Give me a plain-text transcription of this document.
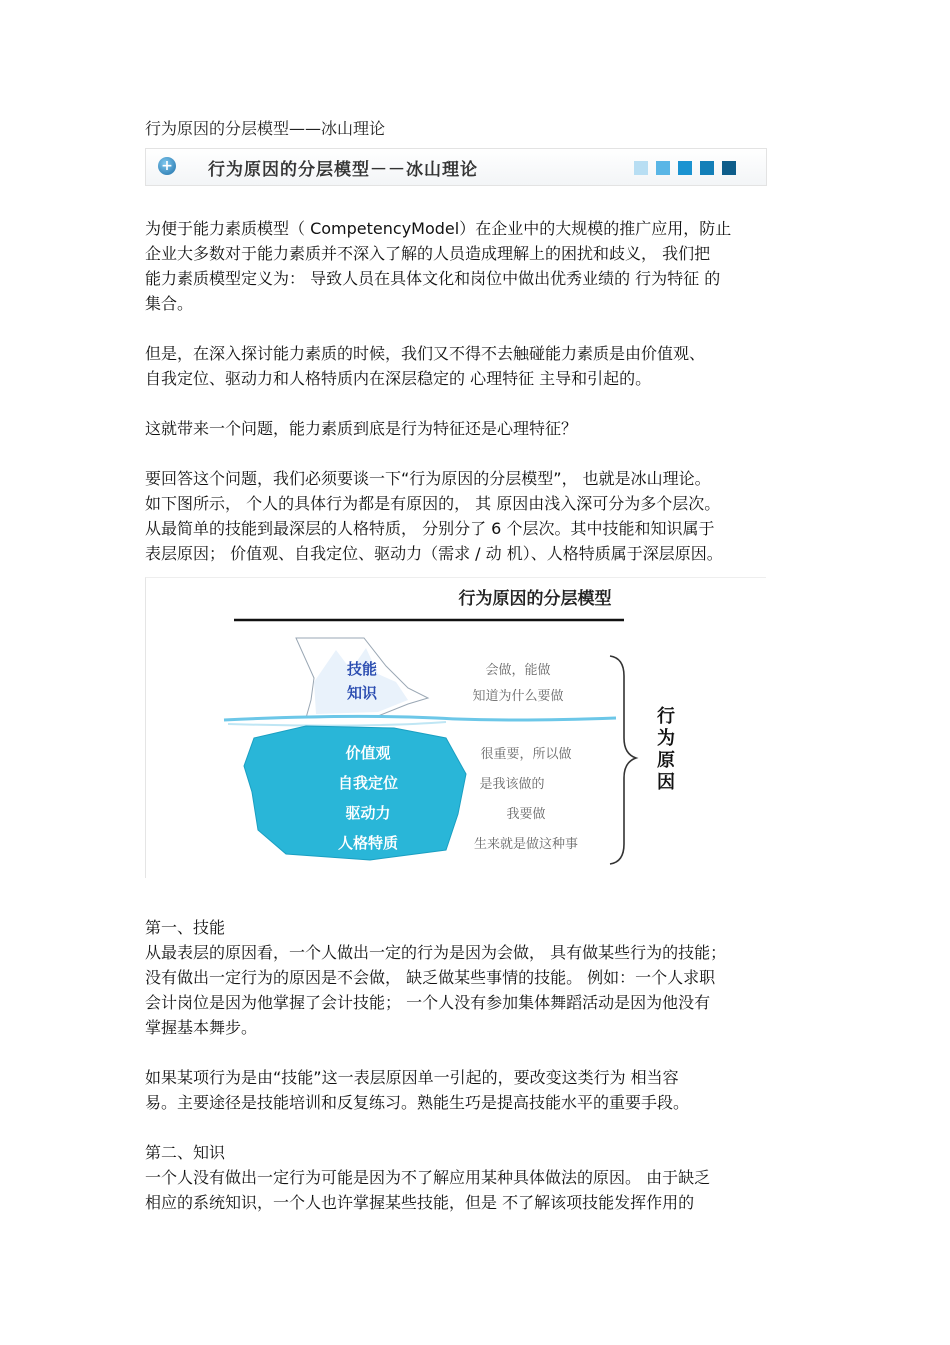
行为原因的分层模型——冰山理论
+ 行为原因的分层模型－－冰山理论

为便于能力素质模型（ CompetencyModel）在企业中的大规模的推广应用，防止

企业大多数对于能力素质并不深入了解的人员造成理解上的困扰和歧义， 我们把

能力素质模型定义为： 导致人员在具体文化和岗位中做出优秀业绩的 行为特征 的

集合。

但是，在深入探讨能力素质的时候，我们又不得不去触碰能力素质是由价值观、

自我定位、驱动力和人格特质内在深层稳定的 心理特征 主导和引起的。

这就带来一个问题，能力素质到底是行为特征还是心理特征？

要回答这个问题，我们必须要谈一下“行为原因的分层模型”， 也就是冰山理论。

如下图所示， 个人的具体行为都是有原因的， 其 原因由浅入深可分为多个层次。

从最简单的技能到最深层的人格特质， 分别分了 6 个层次。其中技能和知识属于

表层原因； 价值观、自我定位、驱动力（需求 / 动 机）、人格特质属于深层原因。

行为原因的分层模型
技能
知识
价值观
自我定位
驱动力
人格特质
会做，能做
知道为什么要做
很重要，所以做
是我该做的
我要做
生来就是做这种事
行
为
原
因

第一、技能

从最表层的原因看，一个人做出一定的行为是因为会做， 具有做某些行为的技能；

没有做出一定行为的原因是不会做， 缺乏做某些事情的技能。 例如：一个人求职

会计岗位是因为他掌握了会计技能； 一个人没有参加集体舞蹈活动是因为他没有

掌握基本舞步。

如果某项行为是由“技能”这一表层原因单一引起的，要改变这类行为 相当容

易。主要途径是技能培训和反复练习。熟能生巧是提高技能水平的重要手段。

第二、知识

一个人没有做出一定行为可能是因为不了解应用某种具体做法的原因。 由于缺乏

相应的系统知识，一个人也许掌握某些技能，但是 不了解该项技能发挥作用的
